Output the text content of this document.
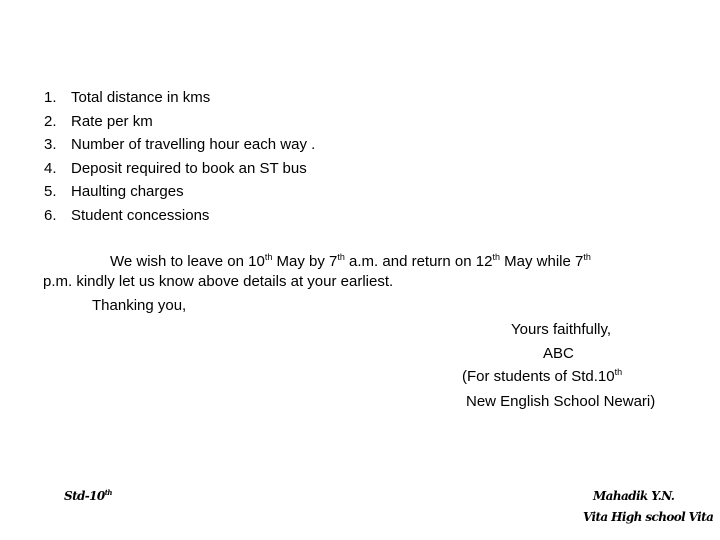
1. Total distance in kms
2. Rate per km
3. Number of travelling hour each way .
4. Deposit required to book an ST bus
5. Haulting charges
6. Student concessions
We wish to leave on 10th May by 7th a.m. and return on 12th May while 7th
p.m. kindly let us know above details at your earliest.
Thanking you,
Yours faithfully,
ABC
(For students of Std.10th
New English School Newari)
Std-10th	Mahadik Y.N.
Vita High school Vita
